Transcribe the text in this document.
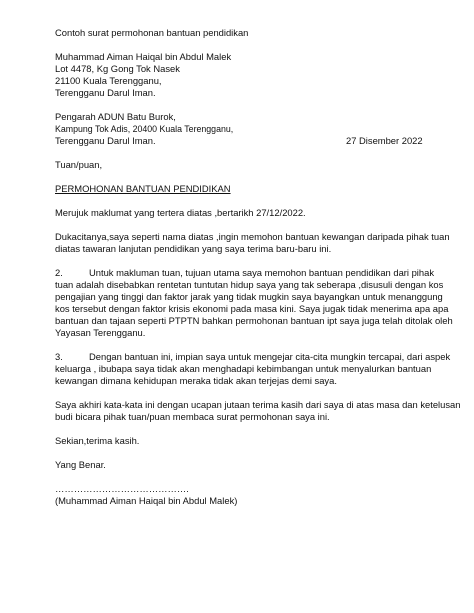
Contoh surat permohonan bantuan pendidikan
Muhammad Aiman Haiqal bin Abdul Malek
Lot 4478, Kg Gong Tok Nasek
21100 Kuala Terengganu,
Terengganu Darul Iman.
Pengarah ADUN Batu Burok,
Kampung Tok Adis, 20400 Kuala Terengganu,
Terengganu Darul Iman.	27 Disember 2022
Tuan/puan,
PERMOHONAN BANTUAN PENDIDIKAN
Merujuk maklumat yang tertera diatas ,bertarikh 27/12/2022.
Dukacitanya,saya seperti nama diatas ,ingin memohon bantuan kewangan daripada pihak tuan
diatas tawaran lanjutan pendidikan yang saya terima baru-baru ini.
2.	Untuk makluman tuan, tujuan utama saya memohon bantuan pendidikan dari pihak
tuan adalah disebabkan rentetan tuntutan hidup saya yang tak seberapa ,disusuli dengan kos
pengajian yang tinggi dan faktor jarak yang tidak mugkin saya bayangkan untuk menanggung
kos tersebut dengan faktor krisis ekonomi pada masa kini. Saya jugak tidak menerima apa apa
bantuan dan tajaan seperti PTPTN bahkan permohonan bantuan ipt saya juga telah ditolak oleh
Yayasan Terengganu.
3.	Dengan bantuan ini, impian saya untuk mengejar cita-cita mungkin tercapai, dari aspek
keluarga , ibubapa saya tidak akan menghadapi kebimbangan untuk menyalurkan bantuan
kewangan dimana kehidupan meraka tidak akan terjejas demi saya.
Saya akhiri kata-kata ini dengan ucapan jutaan terima kasih dari saya di atas masa dan ketelusan
budi bicara pihak tuan/puan membaca surat permohonan saya ini.
Sekian,terima kasih.
Yang Benar.
…………………………………….
(Muhammad Aiman Haiqal bin Abdul Malek)
